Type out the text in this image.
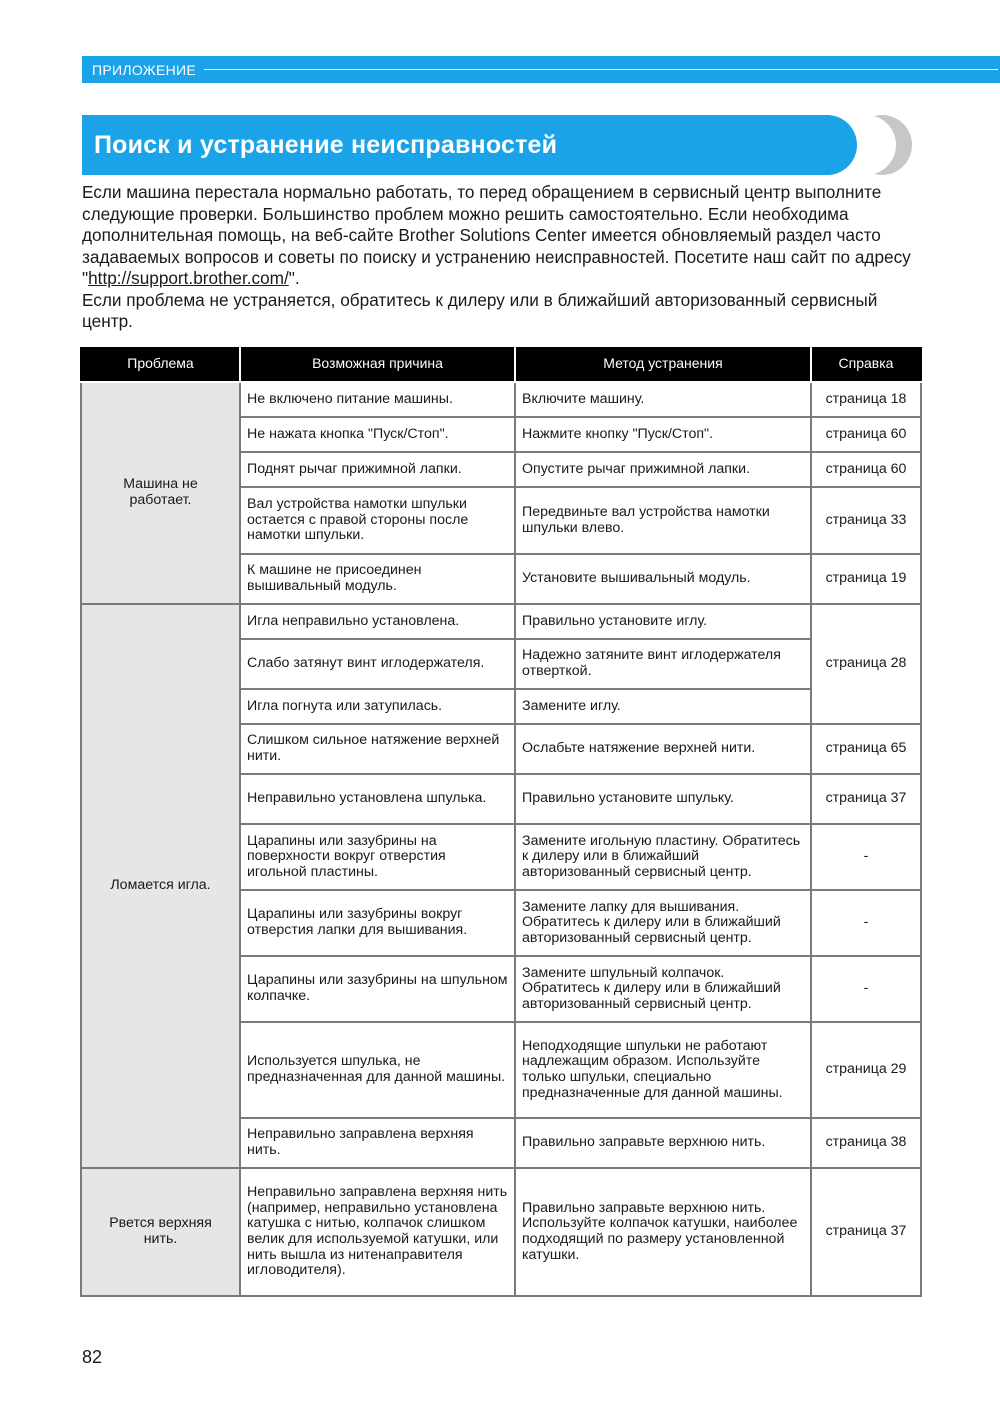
ПРИЛОЖЕНИЕ
Поиск и устранение неисправностей

Если машина перестала нормально работать, то перед обращением в сервисный центр выполните следующие проверки. Большинство проблем можно решить самостоятельно. Если необходима дополнительная помощь, на веб-сайте Brother Solutions Center имеется обновляемый раздел часто задаваемых вопросов и советы по поиску и устранению неисправностей. Посетите наш сайт по адресу "http://support.brother.com/".

Если проблема не устраняется, обратитесь к дилеру или в ближайший авторизованный сервисный центр.

Проблема	Возможная причина	Метод устранения	Справка
Машина не работает.	Не включено питание машины.	Включите машину.	страница 18
	Не нажата кнопка "Пуск/Стоп".	Нажмите кнопку "Пуск/Стоп".	страница 60
	Поднят рычаг прижимной лапки.	Опустите рычаг прижимной лапки.	страница 60
	Вал устройства намотки шпульки остается с правой стороны после намотки шпульки.	Передвиньте вал устройства намотки шпульки влево.	страница 33
	К машине не присоединен вышивальный модуль.	Установите вышивальный модуль.	страница 19
Ломается игла.	Игла неправильно установлена.	Правильно установите иглу.	страница 28
	Слабо затянут винт иглодержателя.	Надежно затяните винт иглодержателя отверткой.	
	Игла погнута или затупилась.	Замените иглу.	
	Слишком сильное натяжение верхней нити.	Ослабьте натяжение верхней нити.	страница 65
	Неправильно установлена шпулька.	Правильно установите шпульку.	страница 37
	Царапины или зазубрины на поверхности вокруг отверстия игольной пластины.	Замените игольную пластину. Обратитесь к дилеру или в ближайший авторизованный сервисный центр.	-
	Царапины или зазубрины вокруг отверстия лапки для вышивания.	Замените лапку для вышивания. Обратитесь к дилеру или в ближайший авторизованный сервисный центр.	-
	Царапины или зазубрины на шпульном колпачке.	Замените шпульный колпачок. Обратитесь к дилеру или в ближайший авторизованный сервисный центр.	-
	Используется шпулька, не предназначенная для данной машины.	Неподходящие шпульки не работают надлежащим образом. Используйте только шпульки, специально предназначенные для данной машины.	страница 29
	Неправильно заправлена верхняя нить.	Правильно заправьте верхнюю нить.	страница 38
Рвется верхняя нить.	Неправильно заправлена верхняя нить (например, неправильно установлена катушка с нитью, колпачок слишком велик для используемой катушки, или нить вышла из нитенаправителя игловодителя).	Правильно заправьте верхнюю нить. Используйте колпачок катушки, наиболее подходящий по размеру установленной катушки.	страница 37
82
